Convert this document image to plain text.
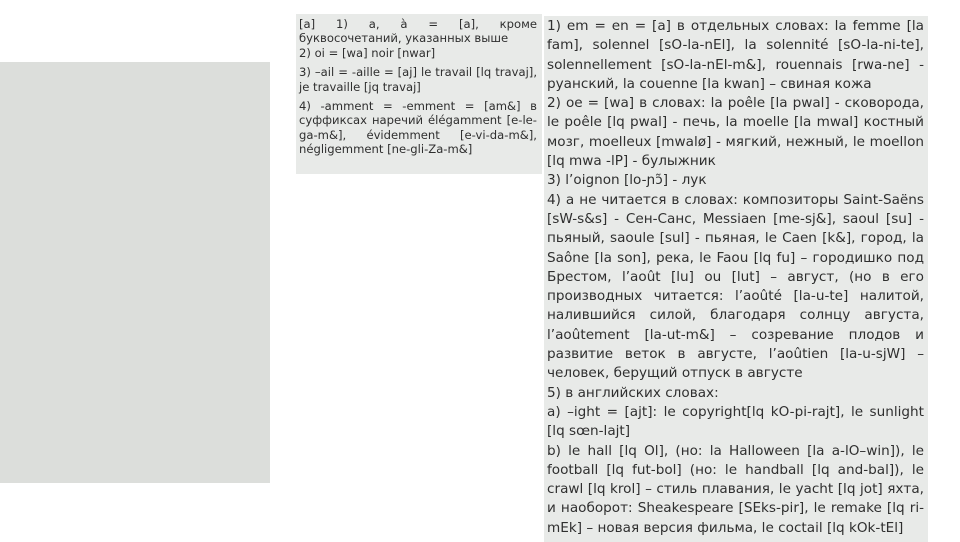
[a] 1) a, à = [a], кроме буквосочетаний, указанных выше
2) oi = [wa] noir [nwar]

3) –ail = -aille = [aj] le travail [lq travaj], je travaille [jq travaj]

4) -amment = -emment = [am&] в суффиксах наречий élégamment [e-le-ga-m&], évidemment [e-vi-da-m&], négligemment [ne-gli-Za-m&]

1) em = en = [a] в отдельных словах: la femme [la fam], solennel [sO-la-nEl], la solennité [sO-la-ni-te], solennellement [sO-la-nEl-m&], rouennais [rwa-ne] - руанский, la couenne [la kwan] – свиная кожа

2) oe = [wa] в словах: la poêle [la pwal] - сковорода, le poêle [lq pwal] - печь, la moelle [la mwal] костный мозг, moelleux [mwalø] - мягкий, нежный, le moellon [lq mwa -lP] - булыжник

3) l’oignon [lo-ɲɔ̃] - лук

4) a не читается в словах: композиторы Saint-Saëns [sW-s&s] - Сен-Санс, Messiaen [me-sj&], saoul [su] - пьяный, saoule [sul] - пьяная, le Caen [k&], город, la Saône [la son], река, le Faou [lq fu] – городишко под Брестом, l’août [lu] ou [lut] – август, (но в его производных читается: l’aoûté [la-u-te] налитой, налившийся силой, благодаря солнцу августа, l’aoûtement [la-ut-m&] – созревание плодов и развитие веток в августе, l’aoûtien [la-u-sjW] – человек, берущий отпуск в августе

5) в английских словах:

a) –ight = [ajt]: le copyright[lq kO-pi-rajt], le sunlight [lq sœn-lajt]

b) le hall [lq Ol], (но: la Halloween [la a-lO–win]), le football [lq fut-bol] (но: le handball [lq and-bal]), le crawl [lq krol] – стиль плавания, le yacht [lq jot] яхта, и наоборот: Sheakespeare [SEks-pir], le remake [lq ri-mEk] – новая версия фильма, le coctail [lq kOk-tEl]
